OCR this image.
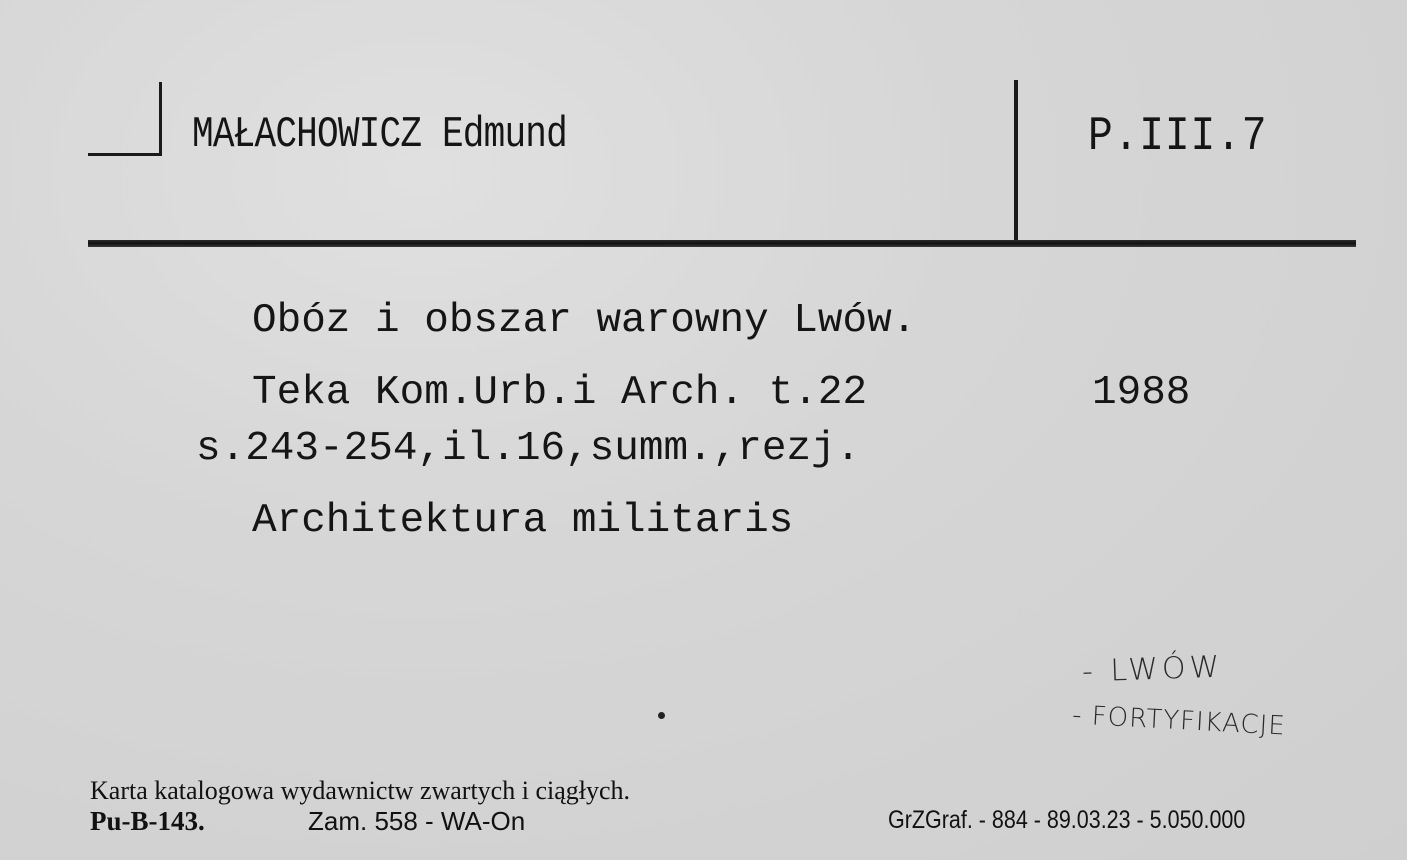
MAŁACHOWICZ Edmund	P.III.7
Obóz i obszar warowny Lwów.
Teka Kom.Urb.i Arch. t.22	1988
s.243-254,il.16,summ.,rezj.
Architektura militaris
- LWÓW
- FORTYFIKACJE
Karta katalogowa wydawnictw zwartych i ciągłych.
Pu-B-143.	Zam. 558 - WA-On	GrZGraf. - 884 - 89.03.23 - 5.050.000
